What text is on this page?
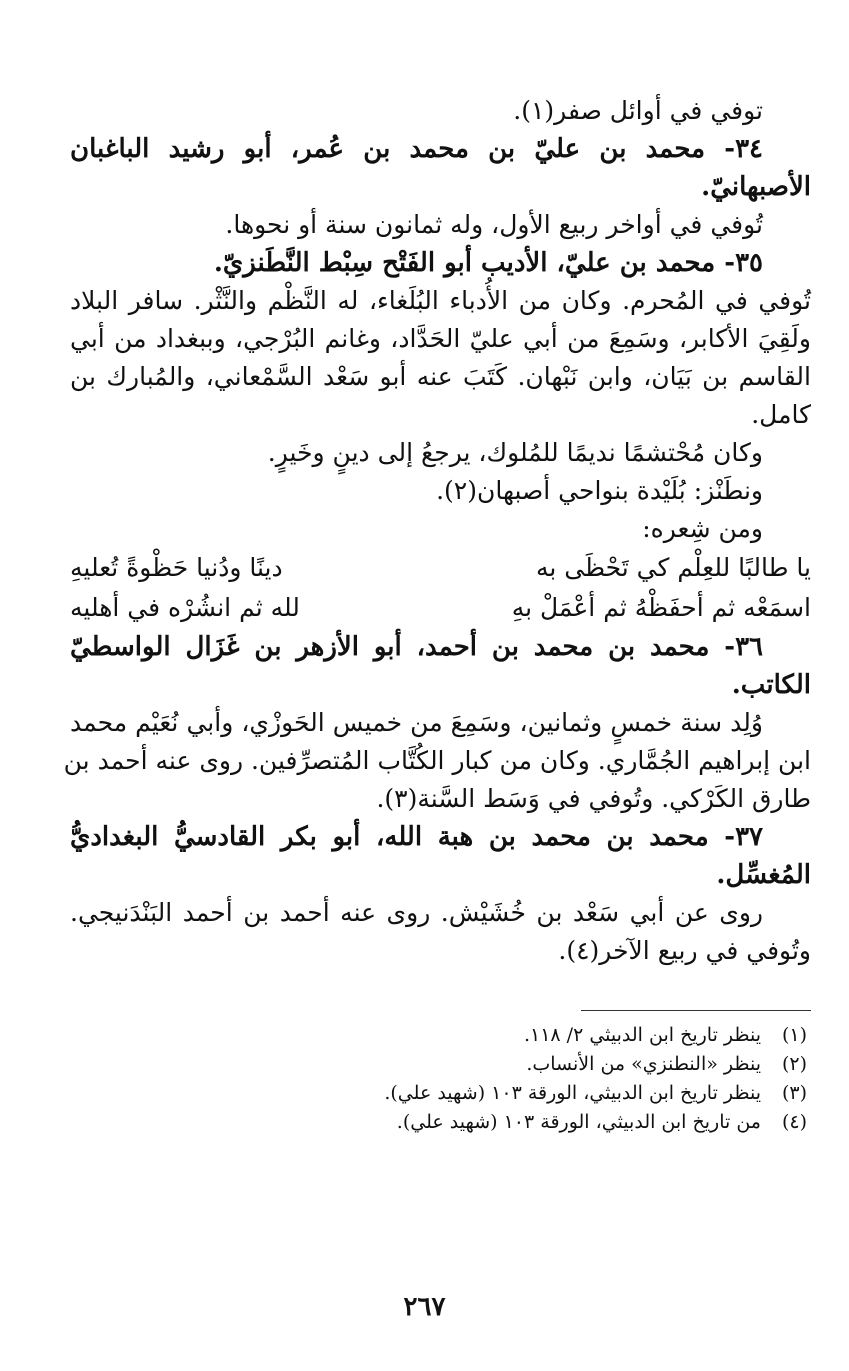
توفي في أوائل صفر(١).
٣٤- محمد بن عليّ بن محمد بن عُمر، أبو رشيد الباغبان
الأصبهانيّ.
تُوفي في أواخر ربيع الأول، وله ثمانون سنة أو نحوها.
٣٥- محمد بن عليّ، الأديب أبو الفَتْح سِبْط النَّطَنزيّ.
تُوفي في المُحرم. وكان من الأُدباء البُلَغاء، له النَّظْم والنَّثْر. سافر البلاد
ولَقِيَ الأكابر، وسَمِعَ من أبي عليّ الحَدَّاد، وغانم البُرْجي، وببغداد من أبي
القاسم بن بَيَان، وابن نَبْهان. كَتَبَ عنه أبو سَعْد السَّمْعاني، والمُبارك بن
كامل.
وكان مُحْتشمًا نديمًا للمُلوك، يرجعُ إلى دينٍ وخَيرٍ.
ونطَنْز: بُلَيْدة بنواحي أصبهان(٢).
ومن شِعره:
يا طالبًا للعِلْم كي تَحْظَى به
دينًا ودُنيا حَظْوةً تُعليهِ
اسمَعْه ثم أحفَظْهُ ثم أعْمَلْ بهِ
لله ثم انشُرْه في أهليه
٣٦- محمد بن محمد بن أحمد، أبو الأزهر بن غَزَال الواسطيّ
الكاتب.
وُلِد سنة خمسٍ وثمانين، وسَمِعَ من خميس الحَوزْي، وأبي نُعَيْم محمد
ابن إبراهيم الجُمَّاري. وكان من كبار الكُتَّاب المُتصرِّفين. روى عنه أحمد بن
طارق الكَرْكي. وتُوفي في وَسَط السَّنة(٣).
٣٧- محمد بن محمد بن هبة الله، أبو بكر القادسيُّ البغداديُّ
المُغسِّل.
روى عن أبي سَعْد بن خُشَيْش. روى عنه أحمد بن أحمد البَنْدَنيجي.
وتُوفي في ربيع الآخر(٤).
(١)ينظر تاريخ ابن الدبيثي ٢/ ١١٨.
(٢)ينظر «النطنزي» من الأنساب.
(٣)ينظر تاريخ ابن الدبيثي، الورقة ١٠٣ (شهيد علي).
(٤)من تاريخ ابن الدبيثي، الورقة ١٠٣ (شهيد علي).
٢٦٧
